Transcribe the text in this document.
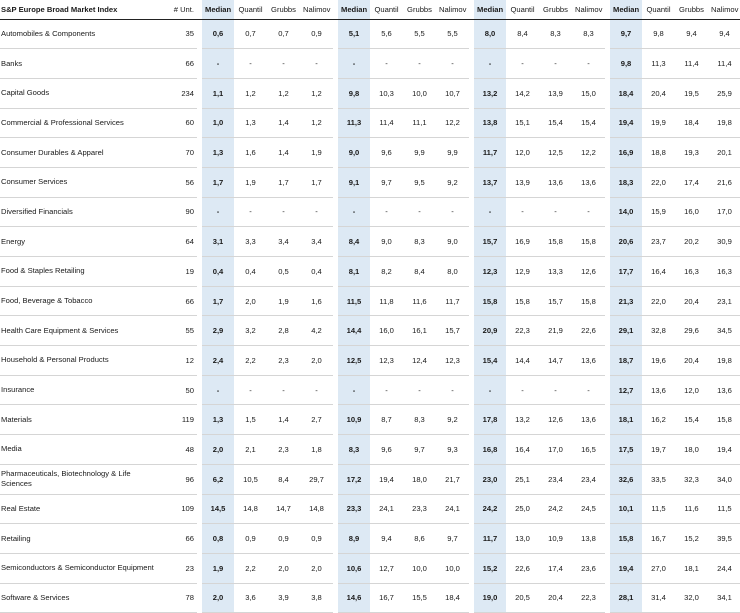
S&P Europe Broad Market Index	# Unt.		Median	Quantil	Grubbs	Nalimov		Median	Quantil	Grubbs	Nalimov		Median	Quantil	Grubbs	Nalimov		Median	Quantil	Grubbs	Nalimov
Automobiles & Components	35		0,6	0,7	0,7	0,9		5,1	5,6	5,5	5,5		8,0	8,4	8,3	8,3		9,7	9,8	9,4	9,4
Banks	66		-	-	-	-		-	-	-	-		-	-	-	-		9,8	11,3	11,4	11,4
Capital Goods	234		1,1	1,2	1,2	1,2		9,8	10,3	10,0	10,7		13,2	14,2	13,9	15,0		18,4	20,4	19,5	25,9
Commercial & Professional Services	60		1,0	1,3	1,4	1,2		11,3	11,4	11,1	12,2		13,8	15,1	15,4	15,4		19,4	19,9	18,4	19,8
Consumer Durables & Apparel	70		1,3	1,6	1,4	1,9		9,0	9,6	9,9	9,9		11,7	12,0	12,5	12,2		16,9	18,8	19,3	20,1
Consumer Services	56		1,7	1,9	1,7	1,7		9,1	9,7	9,5	9,2		13,7	13,9	13,6	13,6		18,3	22,0	17,4	21,6
Diversified Financials	90		-	-	-	-		-	-	-	-		-	-	-	-		14,0	15,9	16,0	17,0
Energy	64		3,1	3,3	3,4	3,4		8,4	9,0	8,3	9,0		15,7	16,9	15,8	15,8		20,6	23,7	20,2	30,9
Food & Staples Retailing	19		0,4	0,4	0,5	0,4		8,1	8,2	8,4	8,0		12,3	12,9	13,3	12,6		17,7	16,4	16,3	16,3
Food, Beverage & Tobacco	66		1,7	2,0	1,9	1,6		11,5	11,8	11,6	11,7		15,8	15,8	15,7	15,8		21,3	22,0	20,4	23,1
Health Care Equipment & Services	55		2,9	3,2	2,8	4,2		14,4	16,0	16,1	15,7		20,9	22,3	21,9	22,6		29,1	32,8	29,6	34,5
Household & Personal Products	12		2,4	2,2	2,3	2,0		12,5	12,3	12,4	12,3		15,4	14,4	14,7	13,6		18,7	19,6	20,4	19,8
Insurance	50		-	-	-	-		-	-	-	-		-	-	-	-		12,7	13,6	12,0	13,6
Materials	119		1,3	1,5	1,4	2,7		10,9	8,7	8,3	9,2		17,8	13,2	12,6	13,6		18,1	16,2	15,4	15,8
Media	48		2,0	2,1	2,3	1,8		8,3	9,6	9,7	9,3		16,8	16,4	17,0	16,5		17,5	19,7	18,0	19,4
Pharmaceuticals, Biotechnology & Life Sciences	96		6,2	10,5	8,4	29,7		17,2	19,4	18,0	21,7		23,0	25,1	23,4	23,4		32,6	33,5	32,3	34,0
Real Estate	109		14,5	14,8	14,7	14,8		23,3	24,1	23,3	24,1		24,2	25,0	24,2	24,5		10,1	11,5	11,6	11,5
Retailing	66		0,8	0,9	0,9	0,9		8,9	9,4	8,6	9,7		11,7	13,0	10,9	13,8		15,8	16,7	15,2	39,5
Semiconductors & Semiconductor Equipment	23		1,9	2,2	2,0	2,0		10,6	12,7	10,0	10,0		15,2	22,6	17,4	23,6		19,4	27,0	18,1	24,4
Software & Services	78		2,0	3,6	3,9	3,8		14,6	16,7	15,5	18,4		19,0	20,5	20,4	22,3		28,1	31,4	32,0	34,1
